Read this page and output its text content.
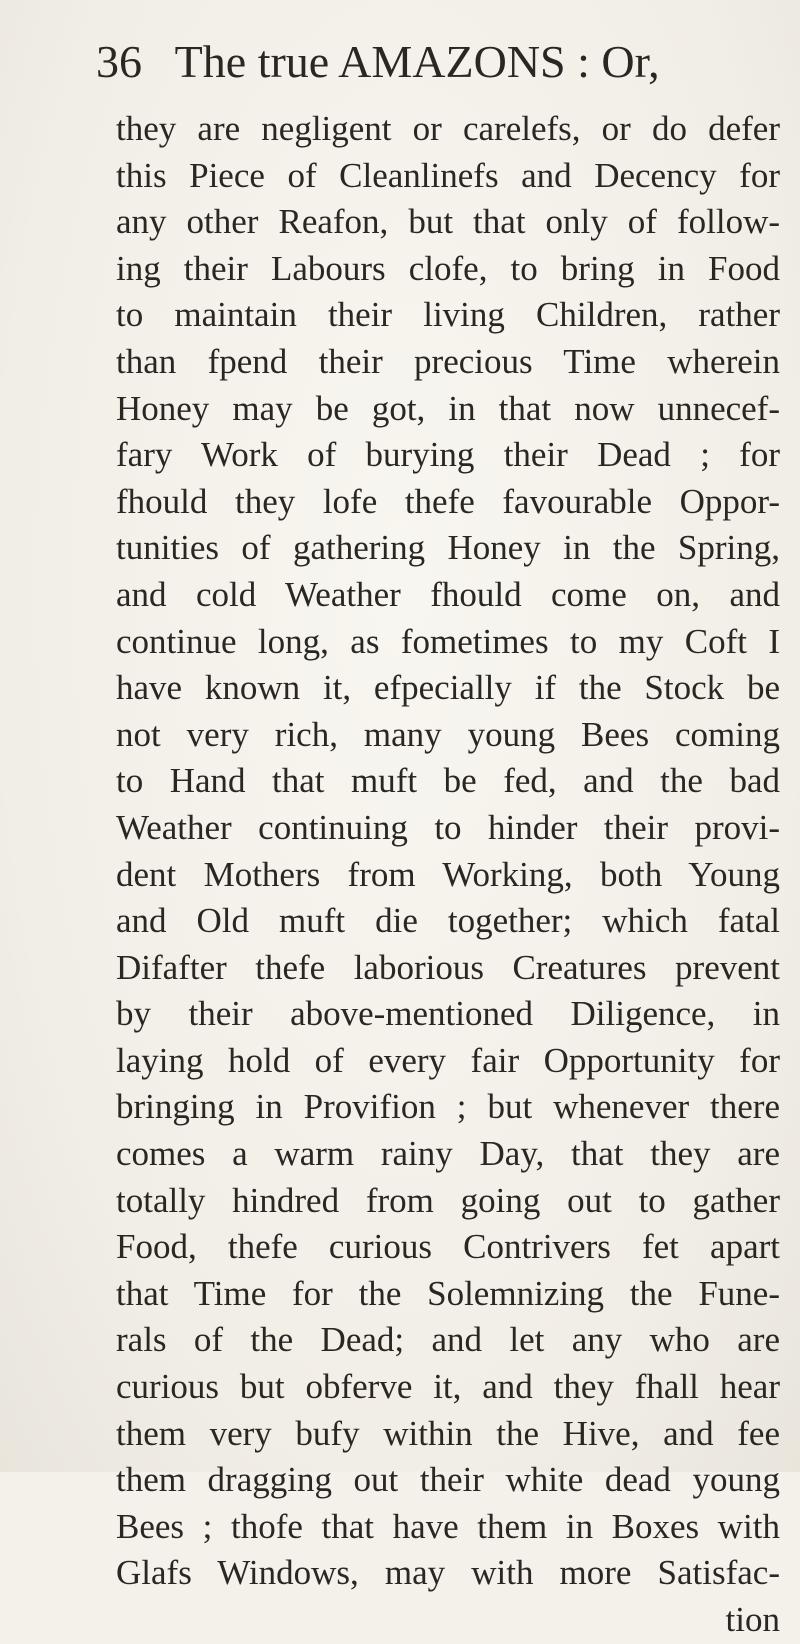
36 The true AMAZONS : Or,
they are negligent or carelefs, or do defer
this Piece of Cleanlinefs and Decency for
any other Reafon, but that only of follow-
ing their Labours clofe, to bring in Food
to maintain their living Children, rather
than fpend their precious Time wherein
Honey may be got, in that now unnecef-
fary Work of burying their Dead ; for
fhould they lofe thefe favourable Oppor-
tunities of gathering Honey in the Spring,
and cold Weather fhould come on, and
continue long, as fometimes to my Coft I
have known it, efpecially if the Stock be
not very rich, many young Bees coming
to Hand that muft be fed, and the bad
Weather continuing to hinder their provi-
dent Mothers from Working, both Young
and Old muft die together; which fatal
Difafter thefe laborious Creatures prevent
by their above-mentioned Diligence, in
laying hold of every fair Opportunity for
bringing in Provifion ; but whenever there
comes a warm rainy Day, that they are
totally hindred from going out to gather
Food, thefe curious Contrivers fet apart
that Time for the Solemnizing the Fune-
rals of the Dead; and let any who are
curious but obferve it, and they fhall hear
them very bufy within the Hive, and fee
them dragging out their white dead young
Bees ; thofe that have them in Boxes with
Glafs Windows, may with more Satisfac-
tion
